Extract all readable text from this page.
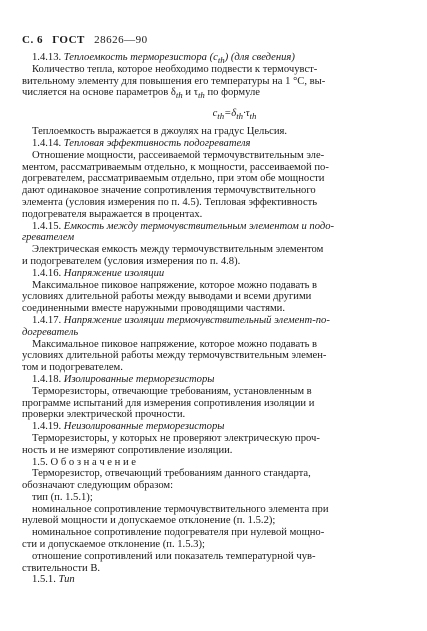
С. 6 ГОСТ 28626—90
1.4.13. Теплоемкость терморезистора $(c_{th})$ (для сведения)
Количество тепла, которое необходимо подвести к термочувст-
вительному элементу для повышения его температуры на 1 °С, вы-
числяется на основе параметров $\delta_{th}$ и $\tau_{th}$ по формуле
$c_{th}=\delta_{th}\cdot\tau_{th}$
Теплоемкость выражается в джоулях на градус Цельсия.
1.4.14. Тепловая эффективность подогревателя
Отношение мощности, рассеиваемой термочувствительным эле-
ментом, рассматриваемым отдельно, к мощности, рассеиваемой по-
догревателем, рассматриваемым отдельно, при этом обе мощности
дают одинаковое значение сопротивления термочувствительного
элемента (условия измерения по п. 4.5). Тепловая эффективность
подогревателя выражается в процентах.
1.4.15. Емкость между термочувствительным элементом и подо-
гревателем
Электрическая емкость между термочувствительным элементом
и подогревателем (условия измерения по п. 4.8).
1.4.16. Напряжение изоляции
Максимальное пиковое напряжение, которое можно подавать в
условиях длительной работы между выводами и всеми другими
соединенными вместе наружными проводящими частями.
1.4.17. Напряжение изоляции термочувствительный элемент-по-
догреватель
Максимальное пиковое напряжение, которое можно подавать в
условиях длительной работы между термочувствительным элемен-
том и подогревателем.
1.4.18. Изолированные терморезисторы
Терморезисторы, отвечающие требованиям, установленным в
программе испытаний для измерения сопротивления изоляции и
проверки электрической прочности.
1.4.19. Неизолированные терморезисторы
Терморезисторы, у которых не проверяют электрическую проч-
ность и не измеряют сопротивление изоляции.
1.5. О б о з н а ч е н и е
Терморезистор, отвечающий требованиям данного стандарта,
обозначают следующим образом:
тип (п. 1.5.1);
номинальное сопротивление термочувствительного элемента при
нулевой мощности и допускаемое отклонение (п. 1.5.2);
номинальное сопротивление подогревателя при нулевой мощно-
сти и допускаемое отклонение (п. 1.5.3);
отношение сопротивлений или показатель температурной чув-
ствительности В.
1.5.1. Тип
